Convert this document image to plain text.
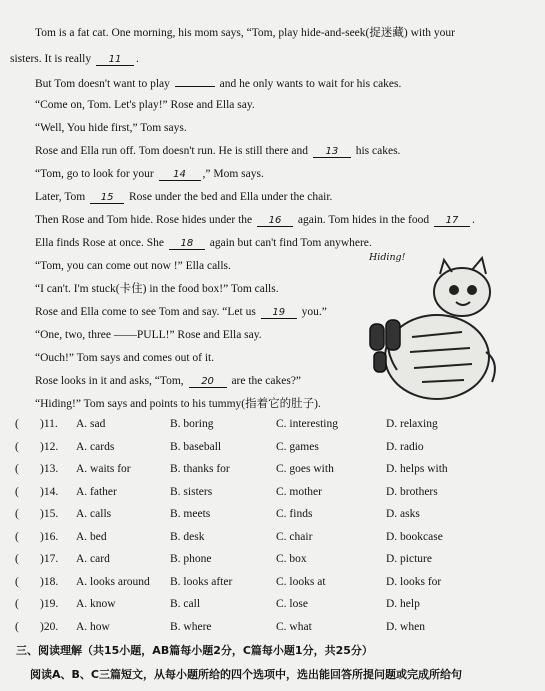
Tom is a fat cat. One morning, his mom says, “Tom, play hide-and-seek(捉迷藏) with your
sisters. It is really 11 .
But Tom doesn't want to play	and he only wants to wait for his cakes.
“Come on, Tom. Let's play!” Rose and Ella say.
“Well, You hide first,” Tom says.
Rose and Ella run off. Tom doesn't run. He is still there and 13 his cakes.
“Tom, go to look for your 14 ,” Mom says.
Later, Tom 15 Rose under the bed and Ella under the chair.
Then Rose and Tom hide. Rose hides under the 16 again. Tom hides in the food 17 .
Ella finds Rose at once. She 18 again but can't find Tom anywhere.
“Tom, you can come out now !” Ella calls.
“I can't. I'm stuck(卡住) in the food box!” Tom calls.
Rose and Ella come to see Tom and say. “Let us 19 you.”
“One, two, three ——PULL!” Rose and Ella say.
“Ouch!” Tom says and comes out of it.
Rose looks in it and asks, “Tom, 20 are the cakes?”
“Hiding!” Tom says and points to his tummy(指着它的肚子).
Hiding!
( )11. A. sad	B. boring	C. interesting	D. relaxing
( )12. A. cards	B. baseball	C. games	D. radio
( )13. A. waits for	B. thanks for	C. goes with	D. helps with
( )14. A. father	B. sisters	C. mother	D. brothers
( )15. A. calls	B. meets	C. finds	D. asks
( )16. A. bed	B. desk	C. chair	D. bookcase
( )17. A. card	B. phone	C. box	D. picture
( )18. A. looks around B. looks after	C. looks at	D. looks for
( )19. A. know	B. call	C. lose	D. help
( )20. A. how	B. where	C. what	D. when
三、阅读理解（共15小题，AB篇每小题2分，C篇每小题1分，共25分）
阅读A、B、C三篇短文，从每小题所给的四个选项中，选出能回答所提问题或完成所给句
